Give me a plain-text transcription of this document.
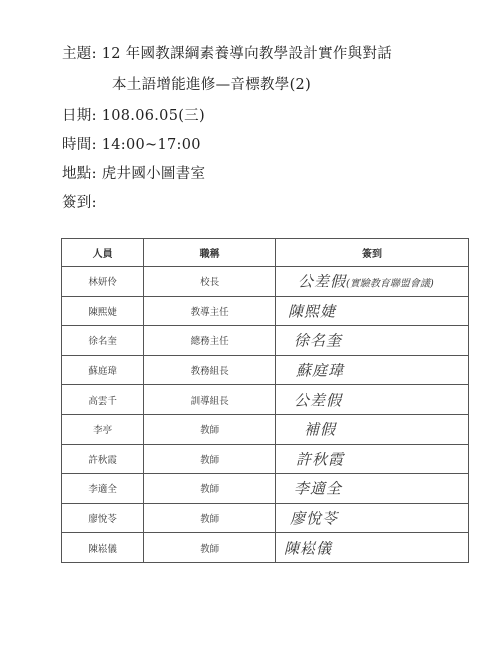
主題: 12 年國教課綱素養導向教學設計實作與對話
本土語增能進修—音標教學(2)
日期: 108.06.05(三)
時間: 14:00~17:00
地點: 虎井國小圖書室
簽到:
人員	職稱	簽到
林妍伶	校長	公差假(實驗教育聯盟會議)

陳熙婕	教導主任	陳熙婕

徐名奎	總務主任	徐名奎

蘇庭瑋	教務組長	蘇庭瑋

高雲千	訓導組長	公差假

李亭	教師	補假

許秋霞	教師	許秋霞

李適全	教師	李適全

廖悅苓	教師	廖悅苓

陳崧儀	教師	陳崧儀
